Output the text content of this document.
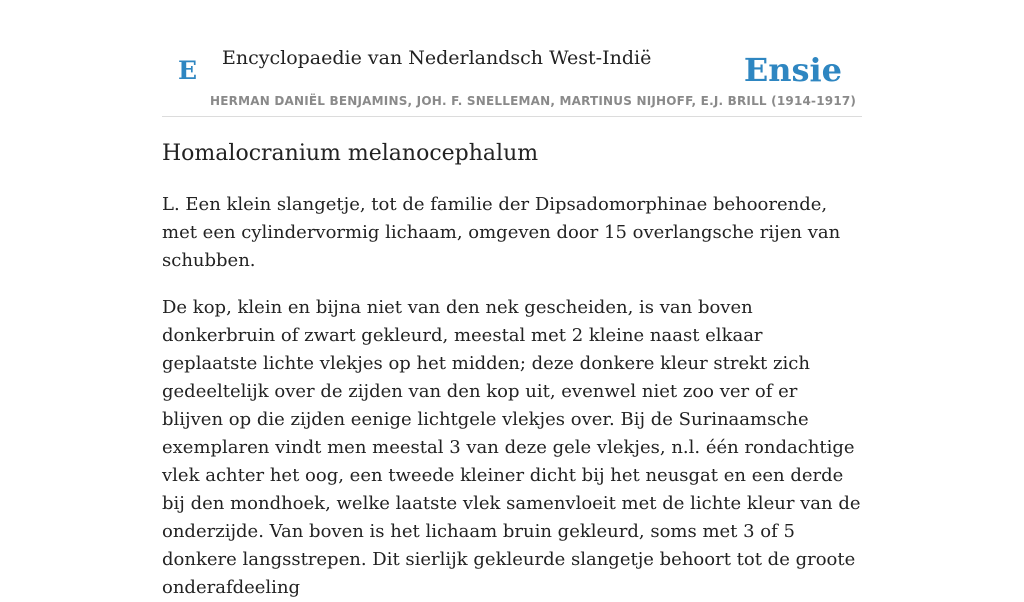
E Encyclopaedie van Nederlandsch West-Indië	Ensie
HERMAN DANIËL BENJAMINS, JOH. F. SNELLEMAN, MARTINUS NIJHOFF, E.J. BRILL (1914-1917)
Homalocranium melanocephalum

L. Een klein slangetje, tot de familie der Dipsadomorphinae behoorende, met een cylindervormig lichaam, omgeven door 15 overlangsche rijen van schubben.

De kop, klein en bijna niet van den nek gescheiden, is van boven donkerbruin of zwart gekleurd, meestal met 2 kleine naast elkaar geplaatste lichte vlekjes op het midden; deze donkere kleur strekt zich gedeeltelijk over de zijden van den kop uit, evenwel niet zoo ver of er blijven op die zijden eenige lichtgele vlekjes over. Bij de Surinaamsche exemplaren vindt men meestal 3 van deze gele vlekjes, n.l. één rondachtige vlek achter het oog, een tweede kleiner dicht bij het neusgat en een derde bij den mondhoek, welke laatste vlek samenvloeit met de lichte kleur van de onderzijde. Van boven is het lichaam bruin gekleurd, soms met 3 of 5 donkere langsstrepen. Dit sierlijk gekleurde slangetje behoort tot de groote onderafdeeling
